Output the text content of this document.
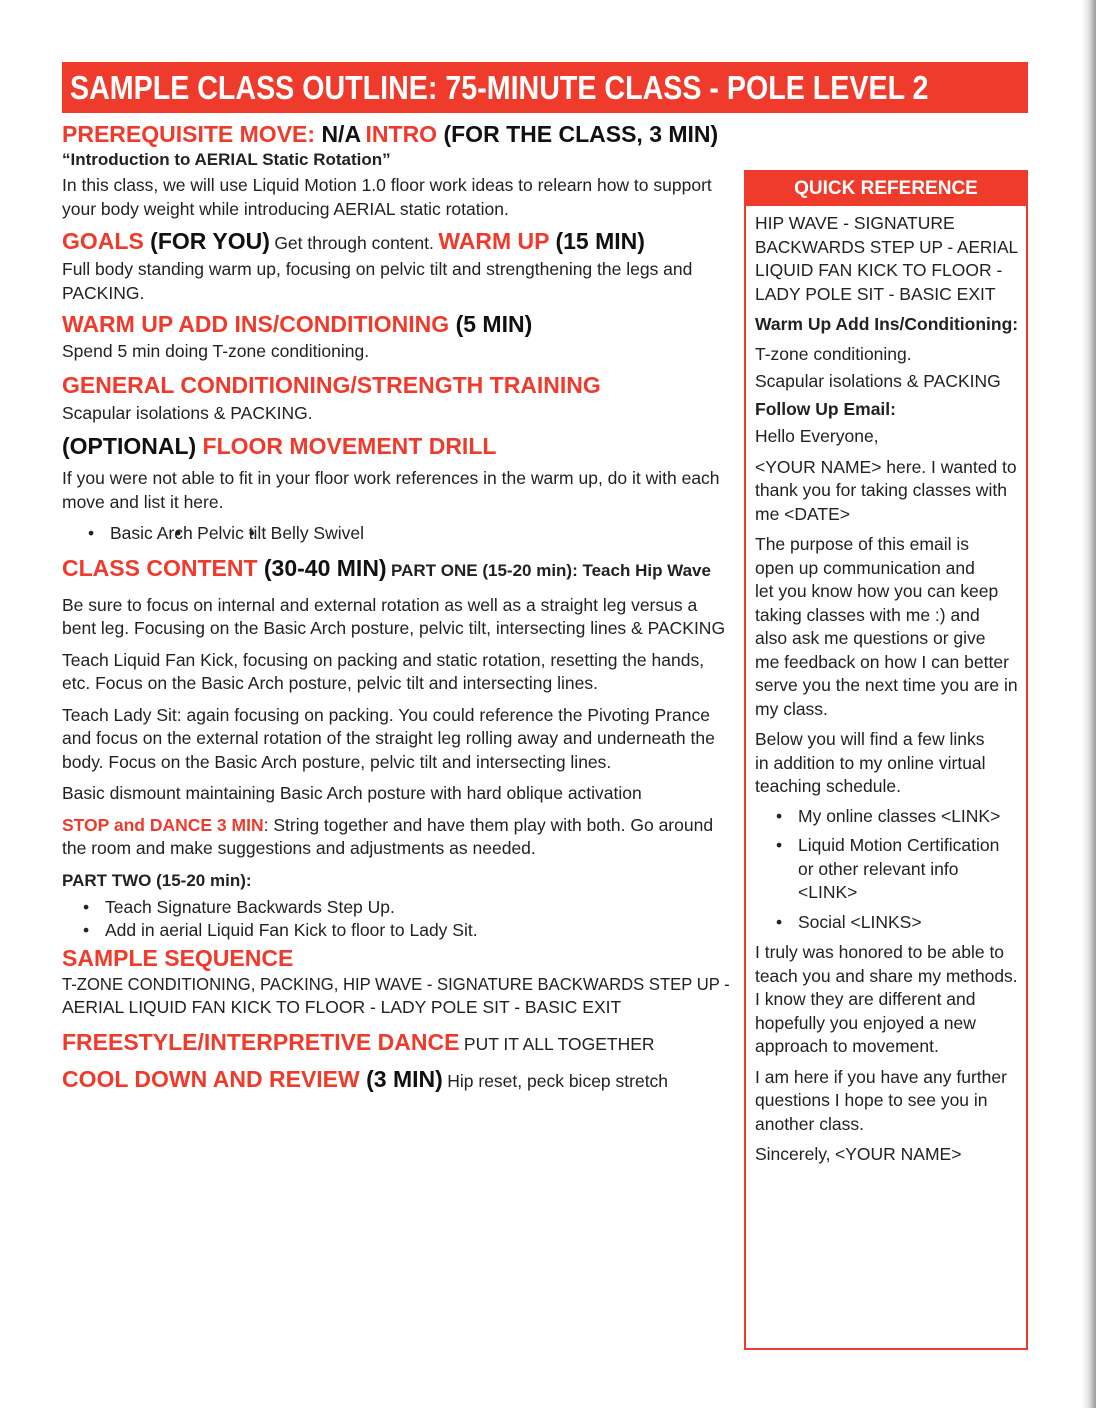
SAMPLE CLASS OUTLINE: 75-MINUTE CLASS - POLE LEVEL 2
PREREQUISITE MOVE: N/A INTRO (FOR THE CLASS, 3 MIN) “Introduction to AERIAL Static Rotation”
In this class, we will use Liquid Motion 1.0 floor work ideas to relearn how to support your body weight while introducing AERIAL static rotation.
GOALS (FOR YOU) Get through content. WARM UP (15 MIN)
Full body standing warm up, focusing on pelvic tilt and strengthening the legs and PACKING.
WARM UP ADD INS/CONDITIONING (5 MIN) Spend 5 min doing T-zone conditioning. GENERAL CONDITIONING/STRENGTH TRAINING Scapular isolations & PACKING. (OPTIONAL) FLOOR MOVEMENT DRILL
If you were not able to fit in your floor work references in the warm up, do it with each move and list it here.
• Basic Arch • Pelvic tilt • Belly Swivel
CLASS CONTENT (30-40 MIN) PART ONE (15-20 min): Teach Hip Wave
Be sure to focus on internal and external rotation as well as a straight leg versus a bent leg. Focusing on the Basic Arch posture, pelvic tilt, intersecting lines & PACKING
Teach Liquid Fan Kick, focusing on packing and static rotation, resetting the hands, etc. Focus on the Basic Arch posture, pelvic tilt and intersecting lines.
Teach Lady Sit: again focusing on packing. You could reference the Pivoting Prance and focus on the external rotation of the straight leg rolling away and underneath the body. Focus on the Basic Arch posture, pelvic tilt and intersecting lines.
Basic dismount maintaining Basic Arch posture with hard oblique activation
STOP and DANCE 3 MIN: String together and have them play with both. Go around the room and make suggestions and adjustments as needed.
PART TWO (15-20 min):
• Teach Signature Backwards Step Up. • Add in aerial Liquid Fan Kick to floor to Lady Sit.
SAMPLE SEQUENCE
T-ZONE CONDITIONING, PACKING, HIP WAVE - SIGNATURE BACKWARDS STEP UP - AERIAL LIQUID FAN KICK TO FLOOR - LADY POLE SIT - BASIC EXIT
FREESTYLE/INTERPRETIVE DANCE PUT IT ALL TOGETHER COOL DOWN AND REVIEW (3 MIN) Hip reset, peck bicep stretch
QUICK REFERENCE
HIP WAVE - SIGNATURE BACKWARDS STEP UP - AERIAL LIQUID FAN KICK TO FLOOR - LADY POLE SIT - BASIC EXIT
Warm Up Add Ins/Conditioning: T-zone conditioning. Scapular isolations & PACKING Follow Up Email: Hello Everyone,
<YOUR NAME> here. I wanted to thank you for taking classes with me <DATE>
The purpose of this email is open up communication and let you know how you can keep taking classes with me :) and also ask me questions or give me feedback on how I can better serve you the next time you are in my class.
Below you will find a few links in addition to my online virtual teaching schedule.
• My online classes <LINK>
• Liquid Motion Certification or other relevant info <LINK>
• Social <LINKS>
I truly was honored to be able to teach you and share my methods. I know they are different and hopefully you enjoyed a new approach to movement.
I am here if you have any further questions I hope to see you in another class.
Sincerely, <YOUR NAME>
